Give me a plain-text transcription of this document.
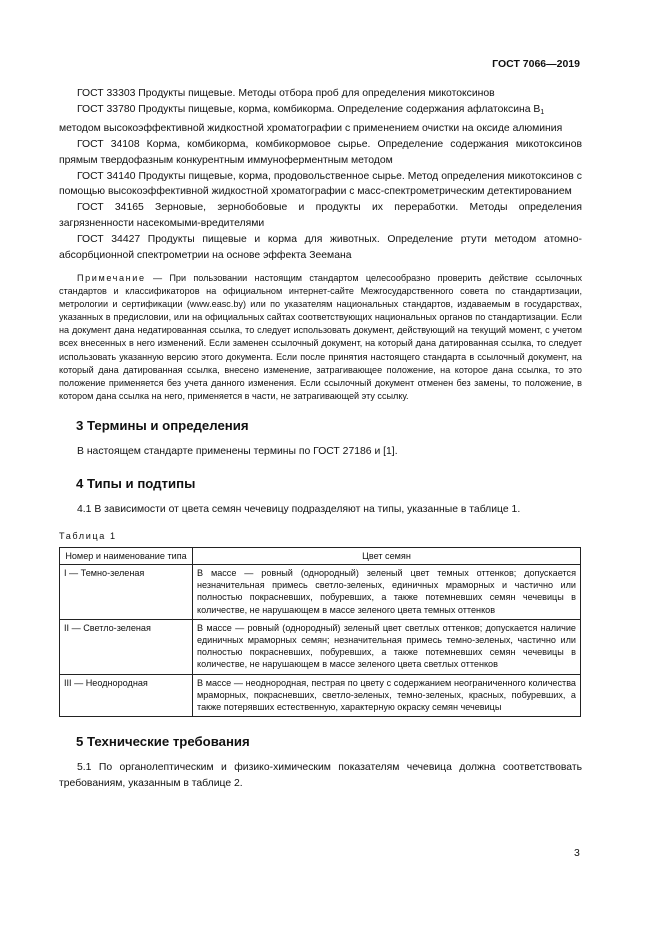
ГОСТ 7066—2019

ГОСТ 33303 Продукты пищевые. Методы отбора проб для определения микотоксинов

ГОСТ 33780 Продукты пищевые, корма, комбикорма. Определение содержания афлатоксина $B_1$

методом высокоэффективной жидкостной хроматографии с применением очистки на оксиде алюминия

ГОСТ 34108 Корма, комбикорма, комбикормовое сырье. Определение содержания микотоксинов прямым твердофазным конкурентным иммуноферментным методом

ГОСТ 34140 Продукты пищевые, корма, продовольственное сырье. Метод определения микотоксинов с помощью высокоэффективной жидкостной хроматографии с масс-спектрометрическим детектированием

ГОСТ 34165 Зерновые, зернобобовые и продукты их переработки. Методы определения загрязненности насекомыми-вредителями

ГОСТ 34427 Продукты пищевые и корма для животных. Определение ртути методом атомно-абсорбционной спектрометрии на основе эффекта Зеемана

Примечание — При пользовании настоящим стандартом целесообразно проверить действие ссылочных стандартов и классификаторов на официальном интернет-сайте Межгосударственного совета по стандартизации, метрологии и сертификации (www.easc.by) или по указателям национальных стандартов, издаваемым в государствах, указанных в предисловии, или на официальных сайтах соответствующих национальных органов по стандартизации. Если на документ дана недатированная ссылка, то следует использовать документ, действующий на текущий момент, с учетом всех внесенных в него изменений. Если заменен ссылочный документ, на который дана датированная ссылка, то следует использовать указанную версию этого документа. Если после принятия настоящего стандарта в ссылочный документ, на который дана датированная ссылка, внесено изменение, затрагивающее положение, на которое дана ссылка, то это положение применяется без учета данного изменения. Если ссылочный документ отменен без замены, то положение, в котором дана ссылка на него, применяется в части, не затрагивающей эту ссылку.
3 Термины и определения

В настоящем стандарте применены термины по ГОСТ 27186 и [1].

4 Типы и подтипы

4.1 В зависимости от цвета семян чечевицу подразделяют на типы, указанные в таблице 1.

Таблица 1
Номер и наименование типа	Цвет семян
I — Темно-зеленая	В массе — ровный (однородный) зеленый цвет темных оттенков; допускается незначительная примесь светло-зеленых, единичных мраморных и частично или полностью покрасневших, побуревших, а также потемневших семян чечевицы в количестве, не нарушающем в массе зеленого цвета темных оттенков
II — Светло-зеленая	В массе — ровный (однородный) зеленый цвет светлых оттенков; допускается наличие единичных мраморных семян; незначительная примесь темно-зеленых, частично или полностью покрасневших, побуревших, а также потемневших семян чечевицы в количестве, не нарушающем в массе зеленого цвета светлых оттенков
III — Неоднородная	В массе — неоднородная, пестрая по цвету с содержанием неограниченного количества мраморных, покрасневших, светло-зеленых, темно-зеленых, красных, побуревших, а также потерявших естественную, характерную окраску семян чечевицы
5 Технические требования

5.1 По органолептическим и физико-химическим показателям чечевица должна соответствовать требованиям, указанным в таблице 2.

3
